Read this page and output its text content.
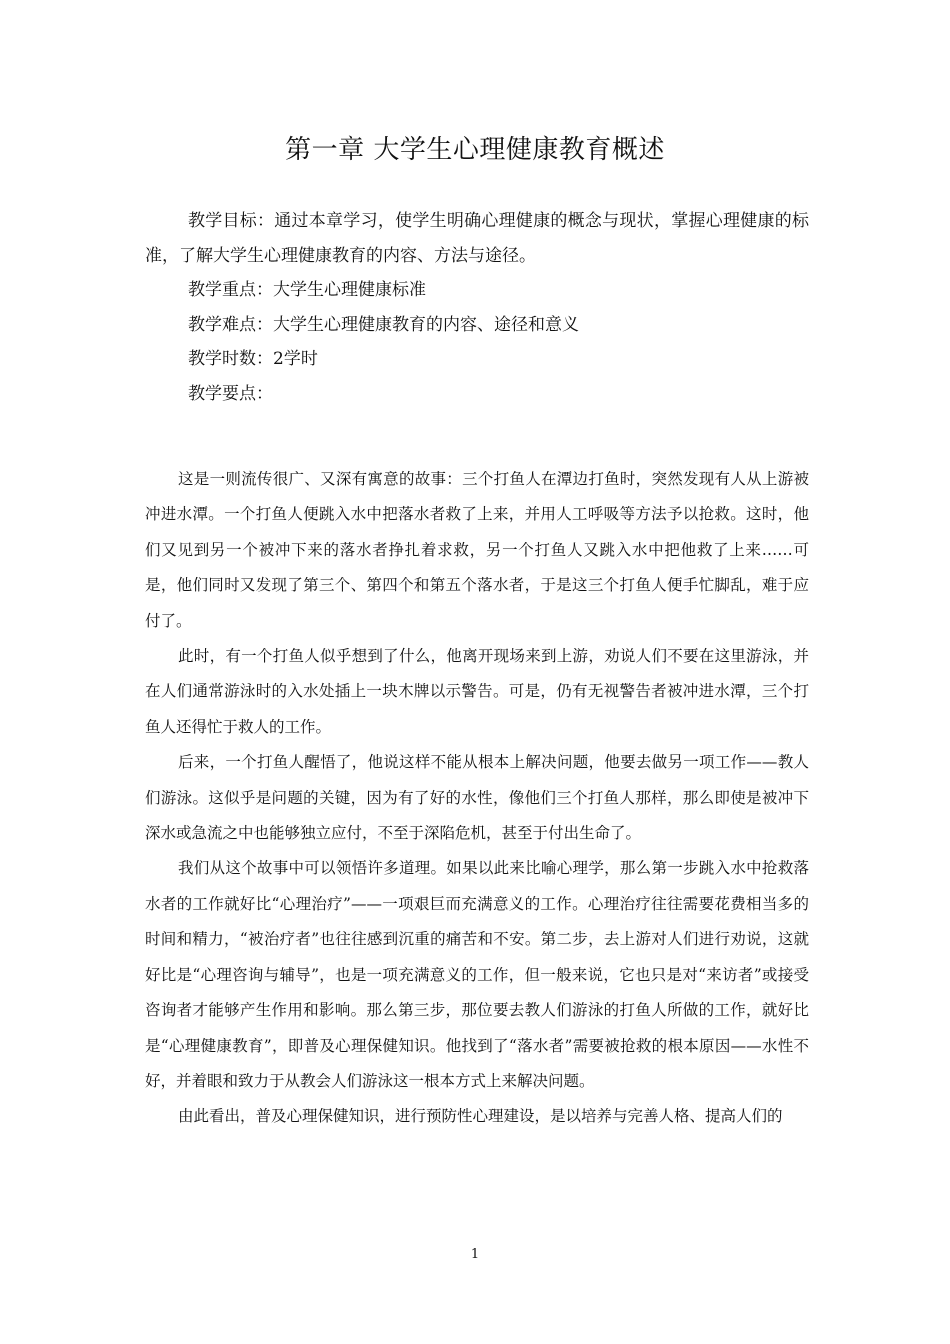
第一章 大学生心理健康教育概述

教学目标：通过本章学习，使学生明确心理健康的概念与现状，掌握心理健康的标准，了解大学生心理健康教育的内容、方法与途径。

教学重点：大学生心理健康标准

教学难点：大学生心理健康教育的内容、途径和意义

教学时数：2学时

教学要点：

这是一则流传很广、又深有寓意的故事：三个打鱼人在潭边打鱼时，突然发现有人从上游被冲进水潭。一个打鱼人便跳入水中把落水者救了上来，并用人工呼吸等方法予以抢救。这时，他们又见到另一个被冲下来的落水者挣扎着求救，另一个打鱼人又跳入水中把他救了上来……可是，他们同时又发现了第三个、第四个和第五个落水者，于是这三个打鱼人便手忙脚乱，难于应付了。

此时，有一个打鱼人似乎想到了什么，他离开现场来到上游，劝说人们不要在这里游泳，并在人们通常游泳时的入水处插上一块木牌以示警告。可是，仍有无视警告者被冲进水潭，三个打鱼人还得忙于救人的工作。

后来，一个打鱼人醒悟了，他说这样不能从根本上解决问题，他要去做另一项工作——教人们游泳。这似乎是问题的关键，因为有了好的水性，像他们三个打鱼人那样，那么即使是被冲下深水或急流之中也能够独立应付，不至于深陷危机，甚至于付出生命了。

我们从这个故事中可以领悟许多道理。如果以此来比喻心理学，那么第一步跳入水中抢救落水者的工作就好比“心理治疗”——一项艰巨而充满意义的工作。心理治疗往往需要花费相当多的时间和精力，“被治疗者”也往往感到沉重的痛苦和不安。第二步，去上游对人们进行劝说，这就好比是“心理咨询与辅导”，也是一项充满意义的工作，但一般来说，它也只是对“来访者”或接受咨询者才能够产生作用和影响。那么第三步，那位要去教人们游泳的打鱼人所做的工作，就好比是“心理健康教育”，即普及心理保健知识。他找到了“落水者”需要被抢救的根本原因——水性不好，并着眼和致力于从教会人们游泳这一根本方式上来解决问题。

由此看出，普及心理保健知识，进行预防性心理建设，是以培养与完善人格、提高人们的

1
